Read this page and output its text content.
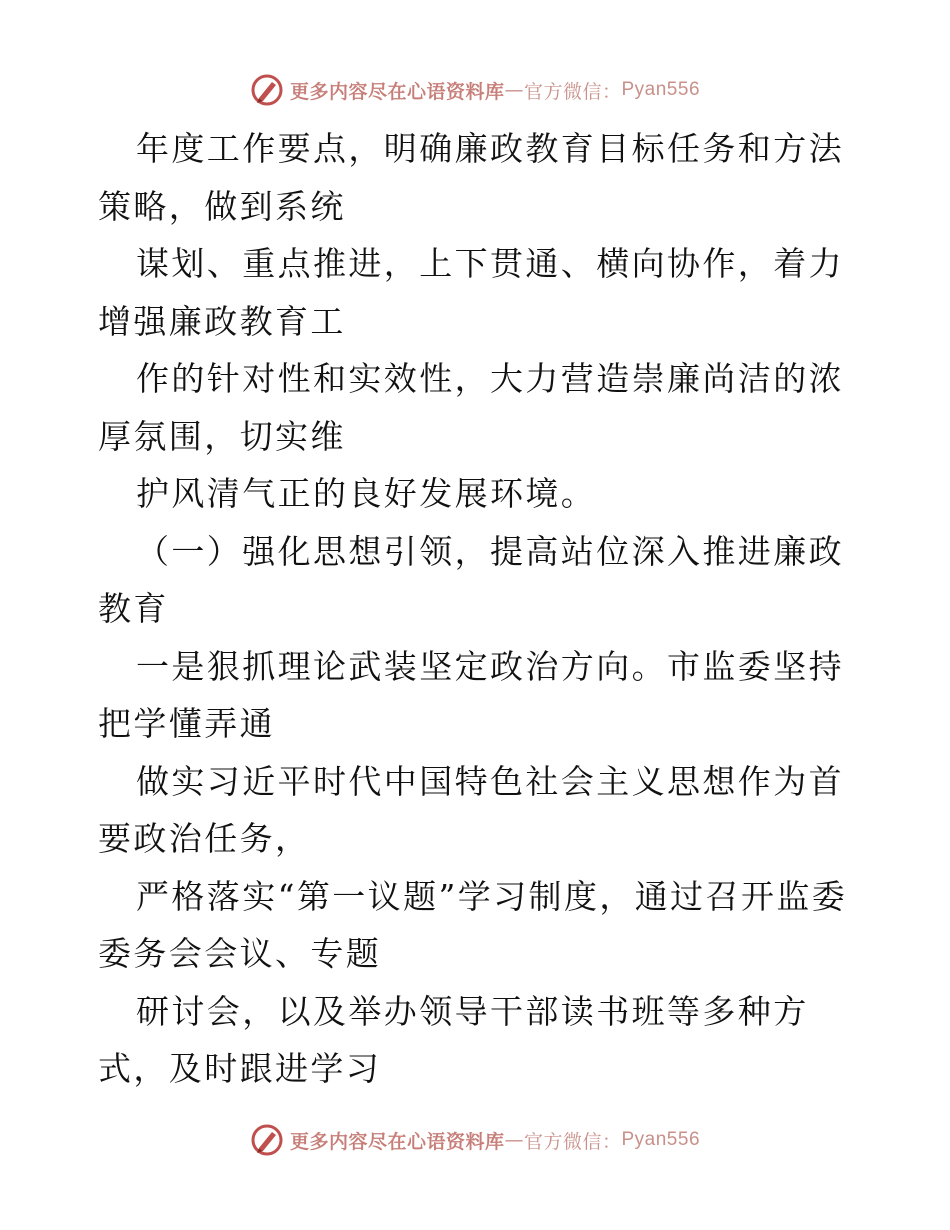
更多内容尽在心语资料库 — 官方微信： Pyan556

年度工作要点，明确廉政教育目标任务和方法策略，做到系统

谋划、重点推进，上下贯通、横向协作，着力增强廉政教育工

作的针对性和实效性，大力营造崇廉尚洁的浓厚氛围，切实维

护风清气正的良好发展环境。

（一）强化思想引领，提高站位深入推进廉政教育

一是狠抓理论武装坚定政治方向。市监委坚持把学懂弄通

做实习近平时代中国特色社会主义思想作为首要政治任务，

严格落实“第一议题”学习制度，通过召开监委委务会会议、专题

研讨会，以及举办领导干部读书班等多种方式，及时跟进学习

更多内容尽在心语资料库 — 官方微信： Pyan556
